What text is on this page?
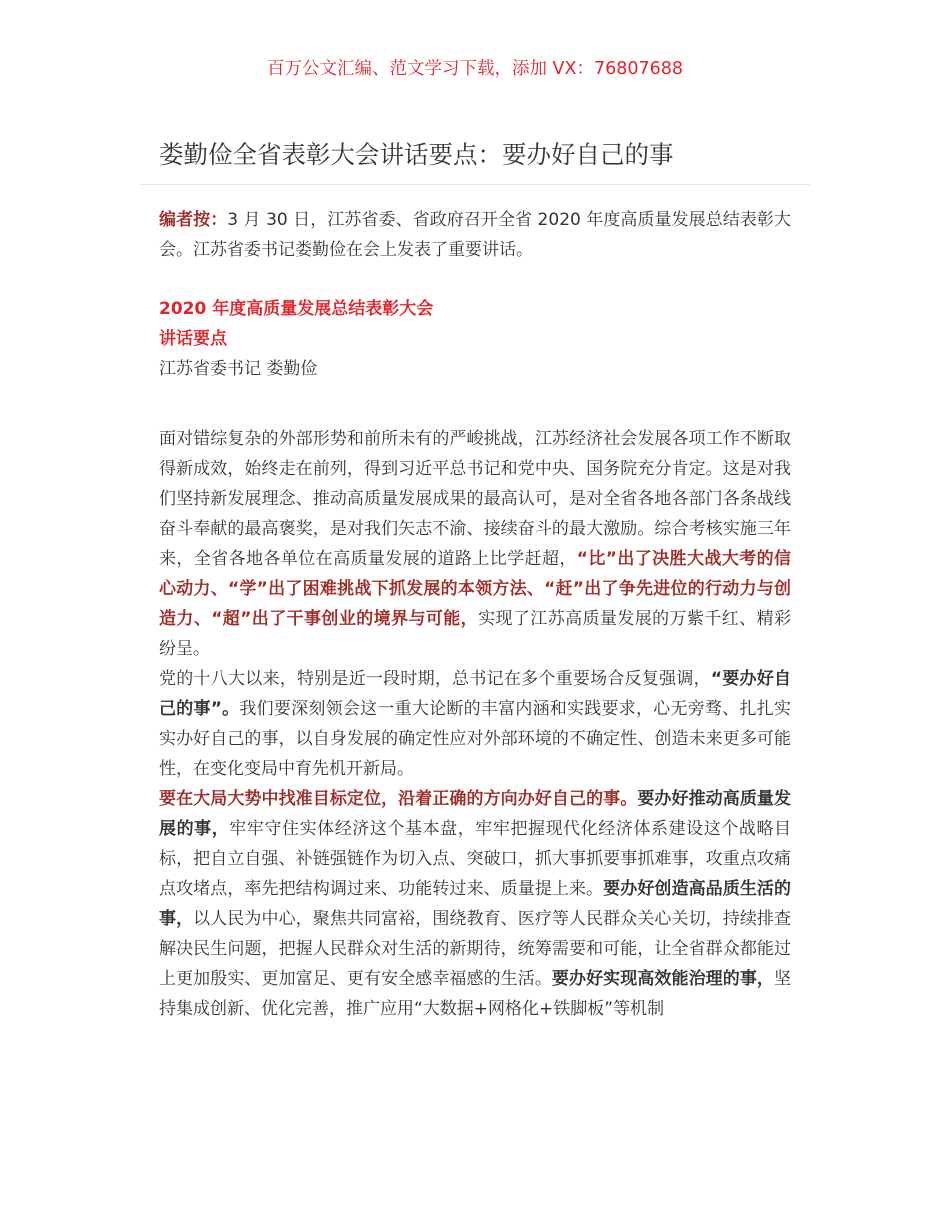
百万公文汇编、范文学习下载，添加 VX：76807688
娄勤俭全省表彰大会讲话要点：要办好自己的事

编者按：3 月 30 日，江苏省委、省政府召开全省 2020 年度高质量发展总结表彰大会。江苏省委书记娄勤俭在会上发表了重要讲话。

2020 年度高质量发展总结表彰大会
讲话要点

江苏省委书记 娄勤俭

面对错综复杂的外部形势和前所未有的严峻挑战，江苏经济社会发展各项工作不断取得新成效，始终走在前列，得到习近平总书记和党中央、国务院充分肯定。这是对我们坚持新发展理念、推动高质量发展成果的最高认可，是对全省各地各部门各条战线奋斗奉献的最高褒奖，是对我们矢志不渝、接续奋斗的最大激励。综合考核实施三年来，全省各地各单位在高质量发展的道路上比学赶超，“比”出了决胜大战大考的信心动力、“学”出了困难挑战下抓发展的本领方法、“赶”出了争先进位的行动力与创造力、“超”出了干事创业的境界与可能，实现了江苏高质量发展的万紫千红、精彩纷呈。

党的十八大以来，特别是近一段时期，总书记在多个重要场合反复强调，“要办好自己的事”。我们要深刻领会这一重大论断的丰富内涵和实践要求，心无旁骛、扎扎实实办好自己的事，以自身发展的确定性应对外部环境的不确定性、创造未来更多可能性，在变化变局中育先机开新局。

要在大局大势中找准目标定位，沿着正确的方向办好自己的事。要办好推动高质量发展的事，牢牢守住实体经济这个基本盘，牢牢把握现代化经济体系建设这个战略目标，把自立自强、补链强链作为切入点、突破口，抓大事抓要事抓难事，攻重点攻痛点攻堵点，率先把结构调过来、功能转过来、质量提上来。要办好创造高品质生活的事，以人民为中心，聚焦共同富裕，围绕教育、医疗等人民群众关心关切，持续排查解决民生问题，把握人民群众对生活的新期待，统筹需要和可能，让全省群众都能过上更加殷实、更加富足、更有安全感幸福感的生活。要办好实现高效能治理的事，坚持集成创新、优化完善，推广应用“大数据+网格化+铁脚板”等机制
